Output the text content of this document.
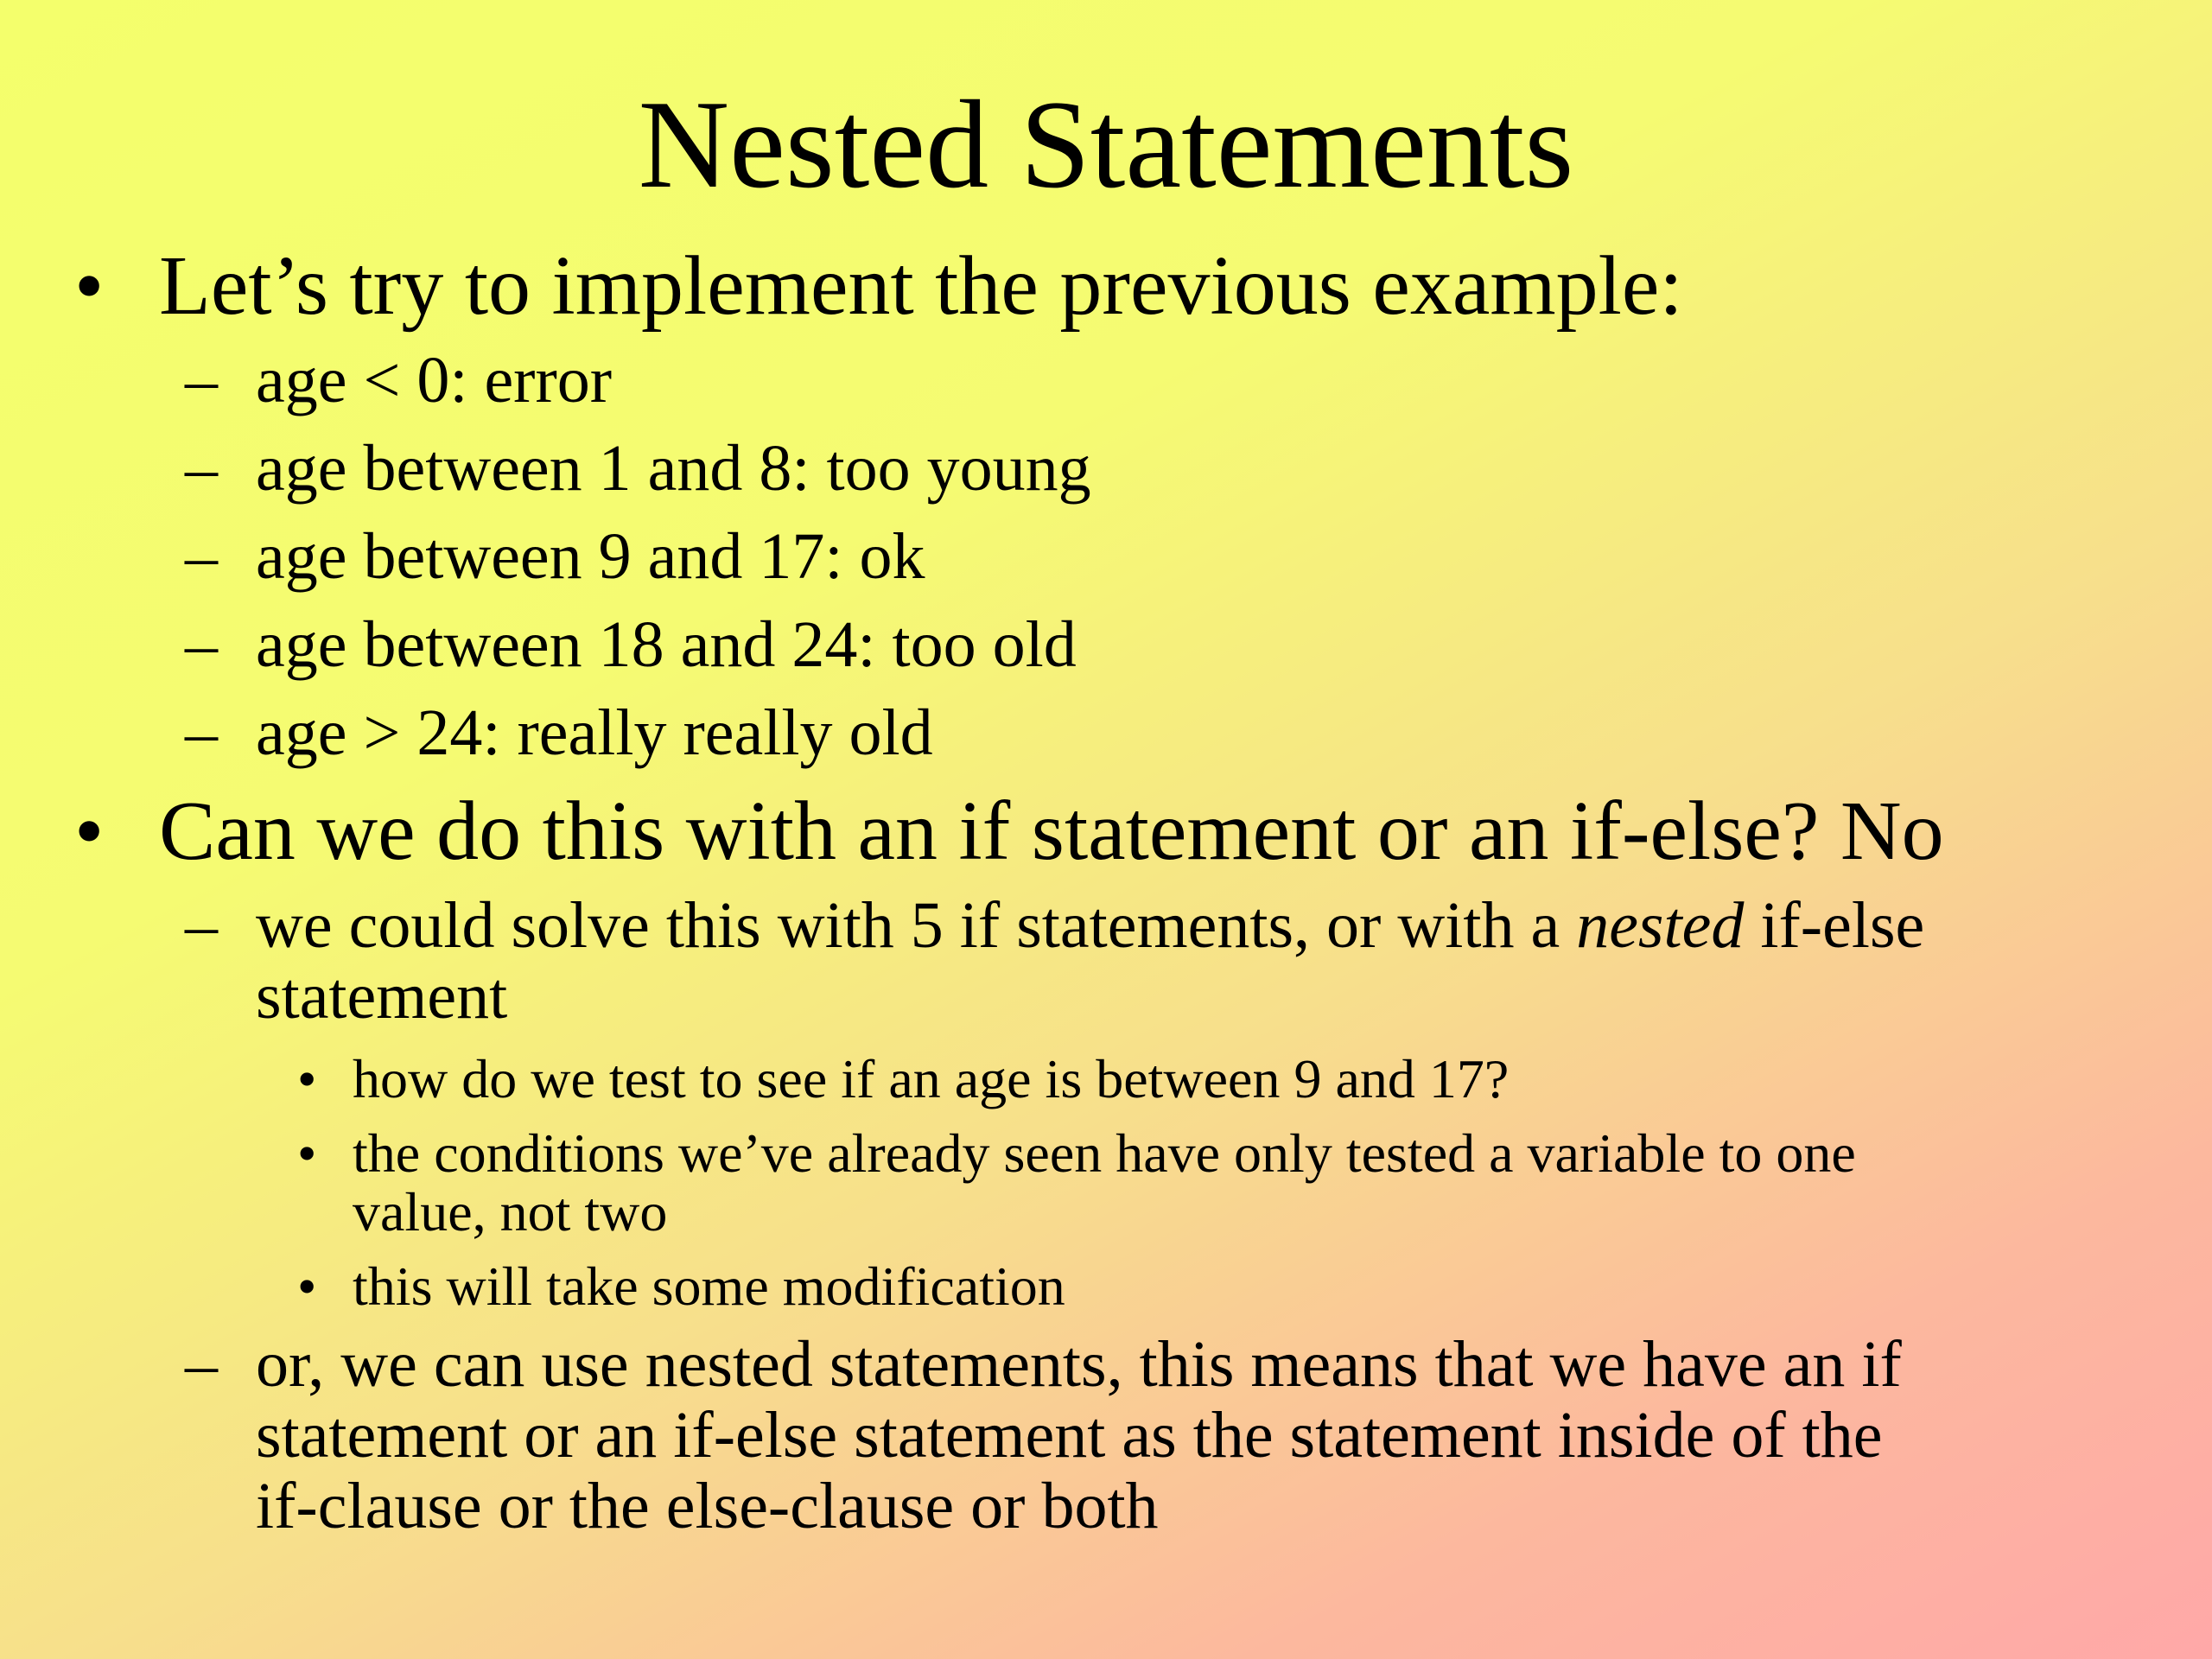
Nested Statements
• Let’s try to implement the previous example:
– age < 0: error
– age between 1 and 8: too young
– age between 9 and 17: ok
– age between 18 and 24: too old
– age > 24: really really old
• Can we do this with an if statement or an if-else? No
– we could solve this with 5 if statements, or with a nested if-else
statement
• how do we test to see if an age is between 9 and 17?
• the conditions we’ve already seen have only tested a variable to one
value, not two
• this will take some modification
– or, we can use nested statements, this means that we have an if
statement or an if-else statement as the statement inside of the
if-clause or the else-clause or both
